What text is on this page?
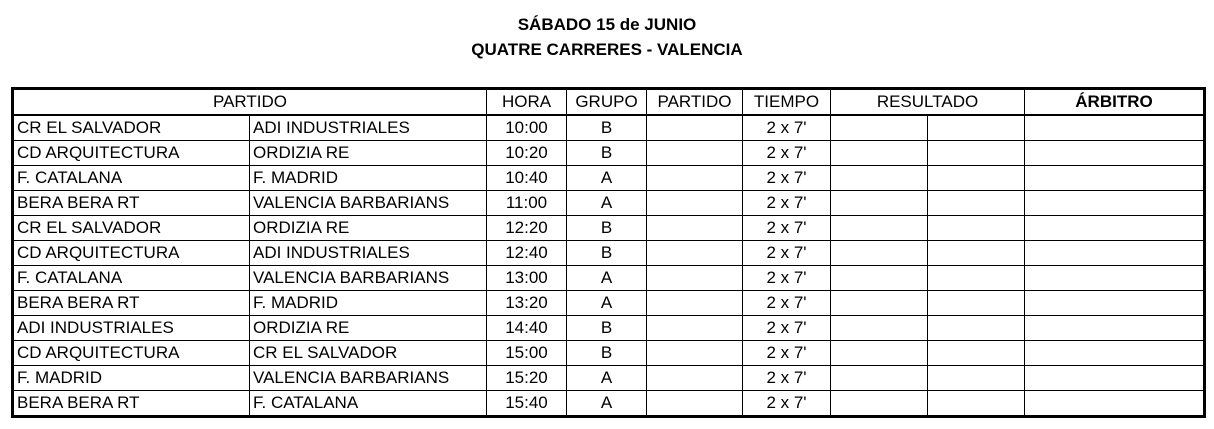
SÁBADO 15 de JUNIO
QUATRE CARRERES - VALENCIA
PARTIDO		HORA	GRUPO	PARTIDO	TIEMPO	RESULTADO		ÁRBITRO
CR EL SALVADOR	ADI INDUSTRIALES	10:00	B		2 x 7'			
CD ARQUITECTURA	ORDIZIA RE	10:20	B		2 x 7'			
F. CATALANA	F. MADRID	10:40	A		2 x 7'			
BERA BERA RT	VALENCIA BARBARIANS	11:00	A		2 x 7'			
CR EL SALVADOR	ORDIZIA RE	12:20	B		2 x 7'			
CD ARQUITECTURA	ADI INDUSTRIALES	12:40	B		2 x 7'			
F. CATALANA	VALENCIA BARBARIANS	13:00	A		2 x 7'			
BERA BERA RT	F. MADRID	13:20	A		2 x 7'			
ADI INDUSTRIALES	ORDIZIA RE	14:40	B		2 x 7'			
CD ARQUITECTURA	CR EL SALVADOR	15:00	B		2 x 7'			
F. MADRID	VALENCIA BARBARIANS	15:20	A		2 x 7'			
BERA BERA RT	F. CATALANA	15:40	A		2 x 7'			
